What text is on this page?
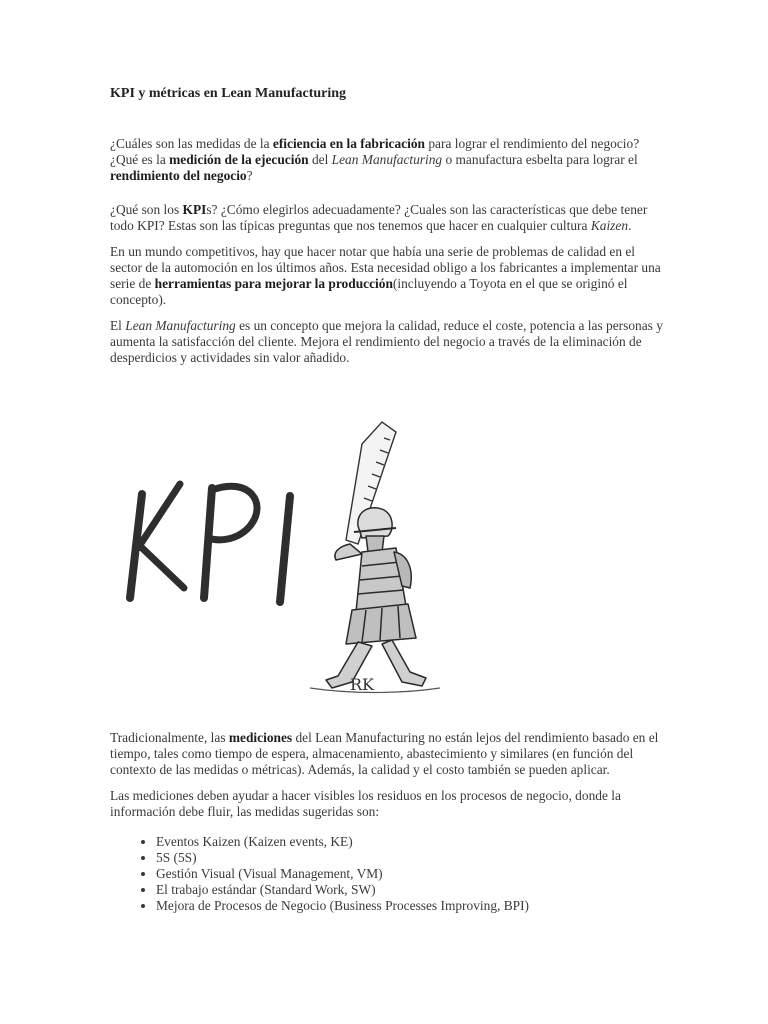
KPI y métricas en Lean Manufacturing

¿Cuáles son las medidas de la eficiencia en la fabricación para lograr el rendimiento del negocio? ¿Qué es la medición de la ejecución del Lean Manufacturing o manufactura esbelta para lograr el rendimiento del negocio?

¿Qué son los KPIs? ¿Cómo elegirlos adecuadamente? ¿Cuales son las características que debe tener todo KPI? Estas son las típicas preguntas que nos tenemos que hacer en cualquier cultura Kaizen.

En un mundo competitivos, hay que hacer notar que había una serie de problemas de calidad en el sector de la automoción en los últimos años. Esta necesidad obligo a los fabricantes a implementar una serie de herramientas para mejorar la producción(incluyendo a Toyota en el que se originó el concepto).

El Lean Manufacturing es un concepto que mejora la calidad, reduce el coste, potencia a las personas y aumenta la satisfacción del cliente. Mejora el rendimiento del negocio a través de la eliminación de desperdicios y actividades sin valor añadido.

RK

Tradicionalmente, las mediciones del Lean Manufacturing no están lejos del rendimiento basado en el tiempo, tales como tiempo de espera, almacenamiento, abastecimiento y similares (en función del contexto de las medidas o métricas). Además, la calidad y el costo también se pueden aplicar.

Las mediciones deben ayudar a hacer visibles los residuos en los procesos de negocio, donde la información debe fluir, las medidas sugeridas son:

• Eventos Kaizen (Kaizen events, KE)
• 5S (5S)
• Gestión Visual (Visual Management, VM)
• El trabajo estándar (Standard Work, SW)
• Mejora de Procesos de Negocio (Business Processes Improving, BPI)
